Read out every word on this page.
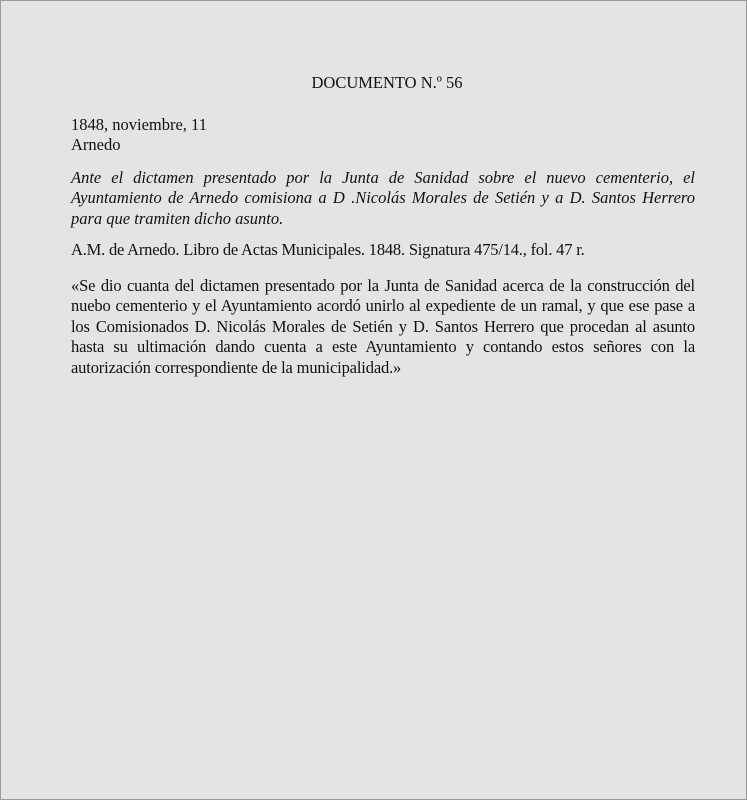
DOCUMENTO N.º 56

1848, noviembre, 11

Arnedo

Ante el dictamen presentado por la Junta de Sanidad sobre el nuevo cementerio, el Ayuntamiento de Arnedo comisiona a D .Nicolás Morales de Setién y a D. Santos Herrero para que tramiten dicho asunto.

A.M. de Arnedo. Libro de Actas Municipales. 1848. Signatura 475/14., fol. 47 r.

«Se dio cuanta del dictamen presentado por la Junta de Sanidad acerca de la construcción del nuebo cementerio y el Ayuntamiento acordó unirlo al expediente de un ramal, y que ese pase a los Comisionados D. Nicolás Morales de Setién y D. Santos Herrero que procedan al asunto hasta su ultimación dando cuenta a este Ayuntamiento y contando estos señores con la autorización correspondiente de la municipalidad.»
